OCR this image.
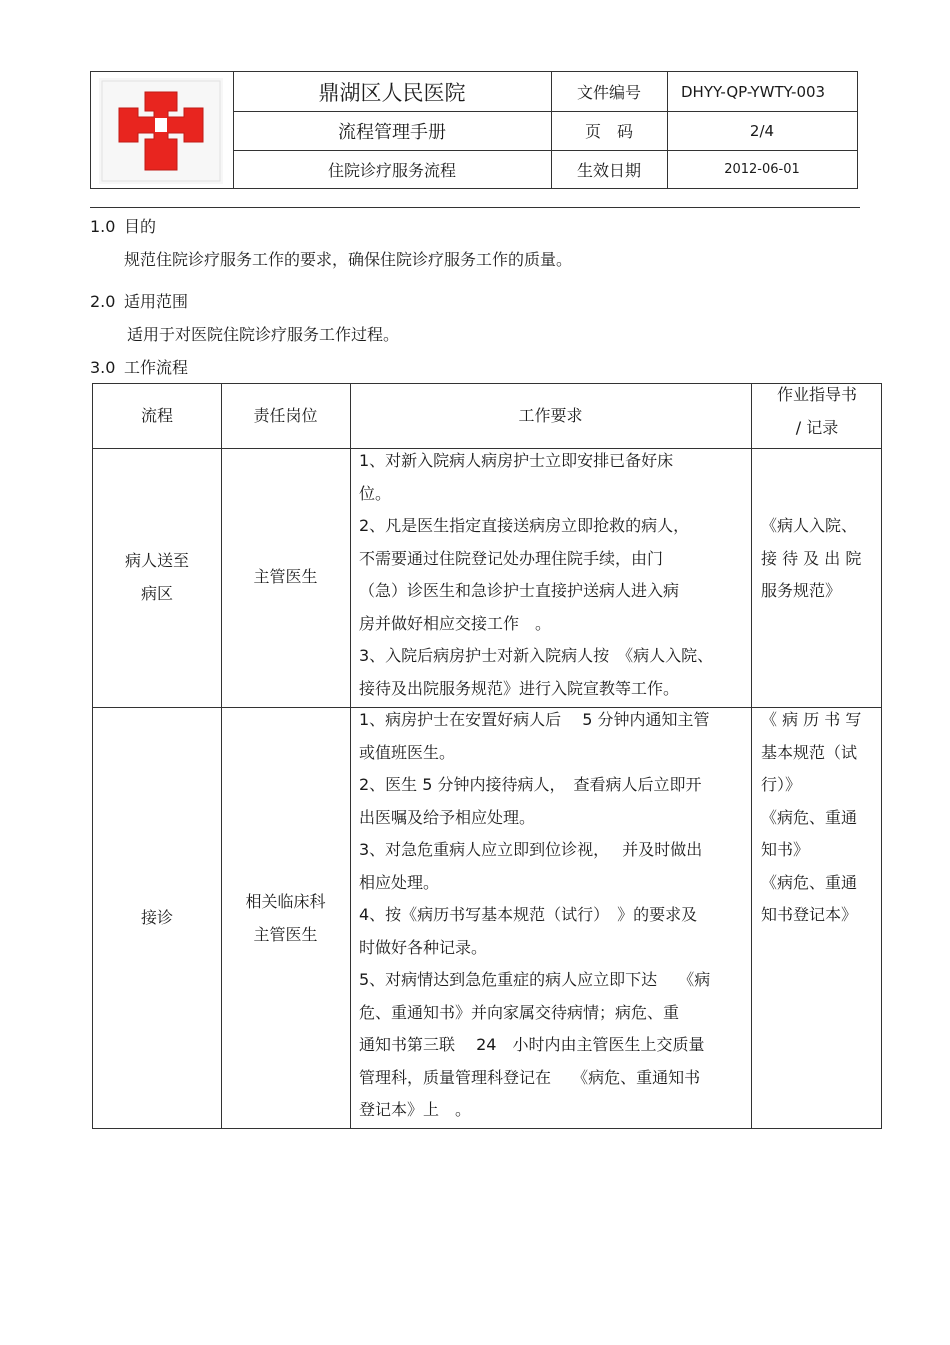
鼎湖区人民医院
流程管理手册
住院诊疗服务流程
文件编号
页　码
生效日期
DHYY-QP-YWTY-003
2/4
2012-06-01
1.0 目的
规范住院诊疗服务工作的要求，确保住院诊疗服务工作的质量。
2.0 适用范围
适用于对医院住院诊疗服务工作过程。
3.0 工作流程
流程	责任岗位	工作要求
作业指导书
/ 记录
病人送至
病区
主管医生

1、对新入院病人病房护士立即安排已备好床

位。

2、凡是医生指定直接送病房立即抢救的病人，

不需要通过住院登记处办理住院手续，由门

（急）诊医生和急诊护士直接护送病人进入病

房并做好相应交接工作　。

3、入院后病房护士对新入院病人按　《病人入院、

接待及出院服务规范》进行入院宣教等工作。

《病人入院、

接 待 及 出 院

服务规范》

接诊
相关临床科
主管医生

1、病房护士在安置好病人后　 5 分钟内通知主管

或值班医生。

2、医生 5 分钟内接待病人，　查看病人后立即开

出医嘱及给予相应处理。

3、对急危重病人应立即到位诊视，　 并及时做出

相应处理。

4、按《病历书写基本规范（试行）　》的要求及

时做好各种记录。

5、对病情达到急危重症的病人应立即下达　 《病

危、重通知书》并向家属交待病情；病危、重

通知书第三联　 24　小时内由主管医生上交质量

管理科，质量管理科登记在　 《病危、重通知书

登记本》上　。

《 病 历 书 写

基本规范（试

行）》

《病危、重通

知书》

《病危、重通

知书登记本》
